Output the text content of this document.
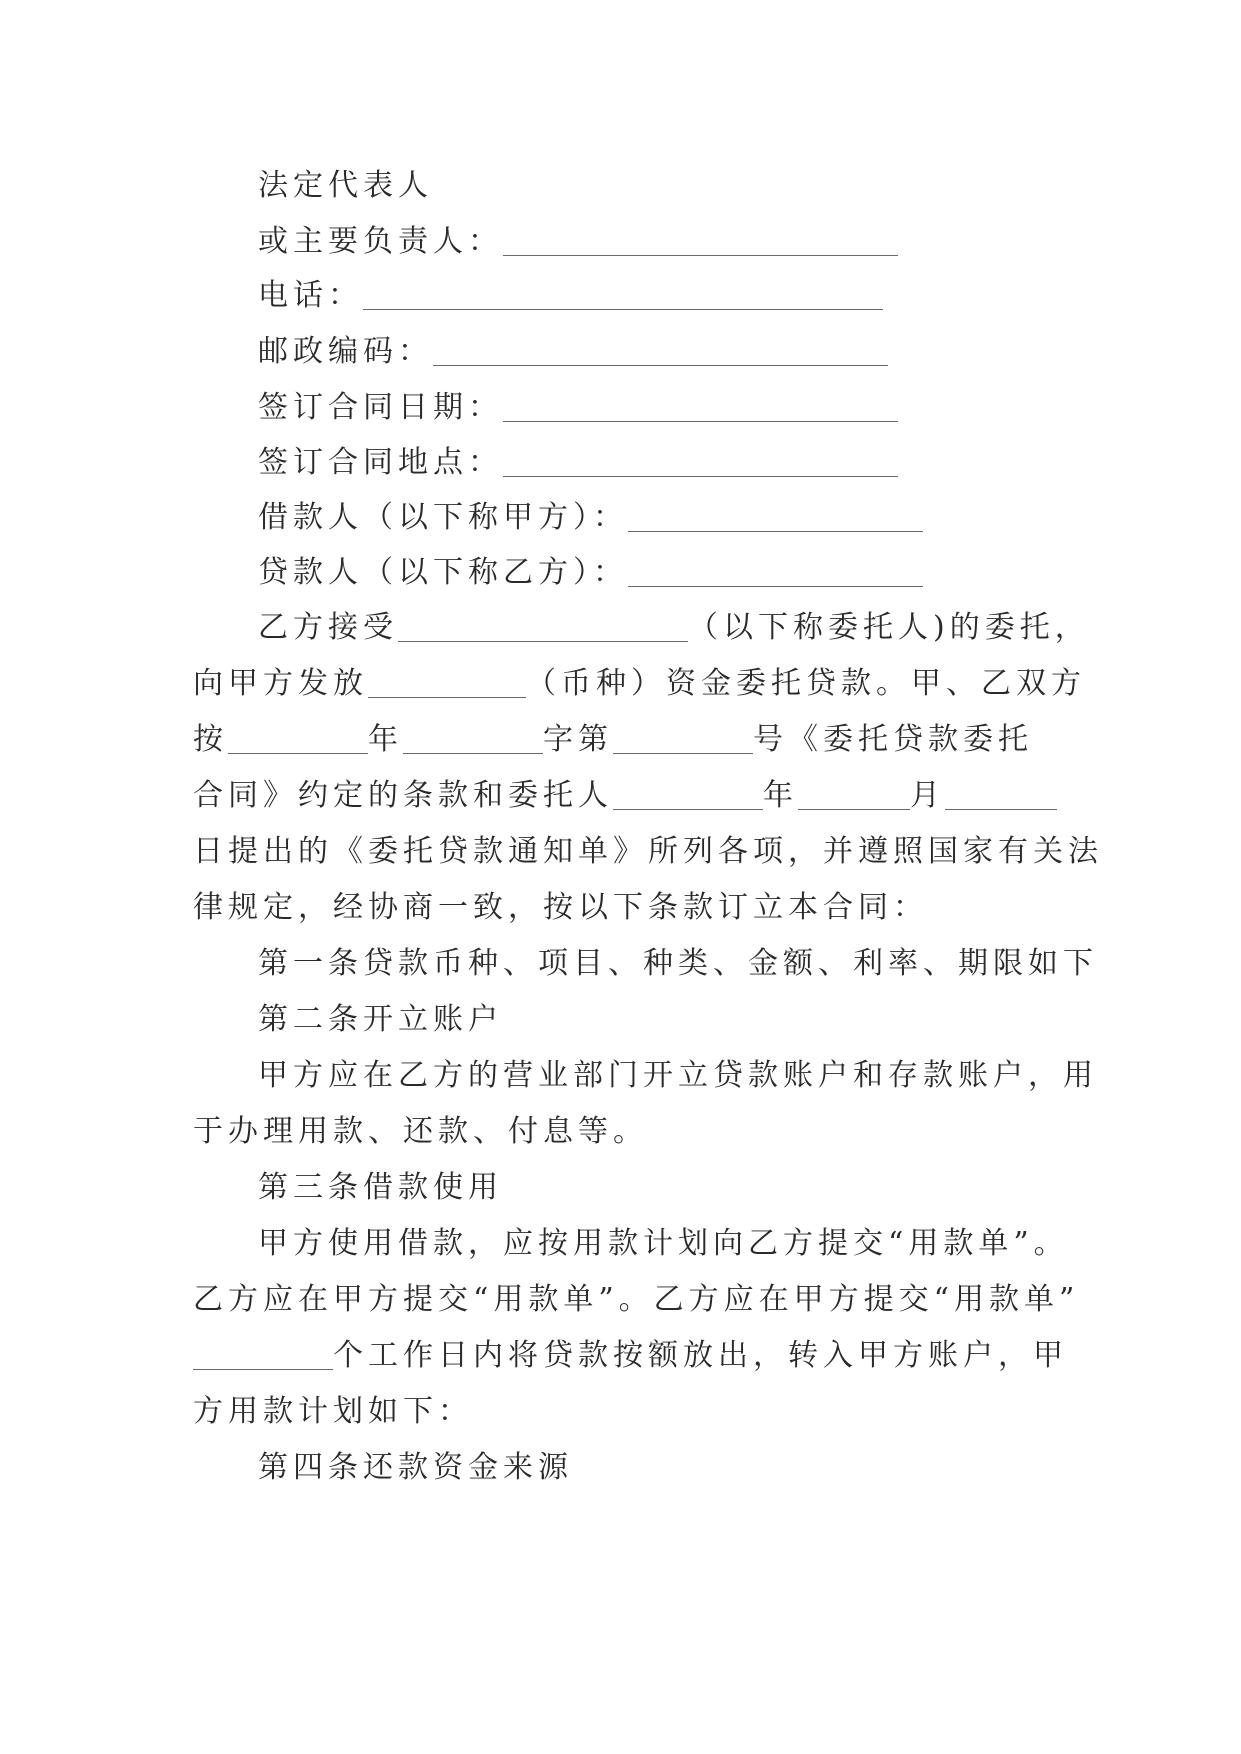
法定代表人
或主要负责人：
电话：
邮政编码：
签订合同日期：
签订合同地点：
借款人（以下称甲方）：
贷款人（以下称乙方）：
乙方接受	（以下称委托人)的委托，
向甲方发放	（币种）资金委托贷款。甲、乙双方
按	年	字第	号《委托贷款委托
合同》约定的条款和委托人	年	月
日提出的《委托贷款通知单》所列各项，并遵照国家有关法
律规定，经协商一致，按以下条款订立本合同：
第一条贷款币种、项目、种类、金额、利率、期限如下
第二条开立账户
甲方应在乙方的营业部门开立贷款账户和存款账户，用
于办理用款、还款、付息等。
第三条借款使用
甲方使用借款，应按用款计划向乙方提交“用款单”。
乙方应在甲方提交“用款单”。乙方应在甲方提交“用款单”
个工作日内将贷款按额放出，转入甲方账户，甲
方用款计划如下：
第四条还款资金来源
